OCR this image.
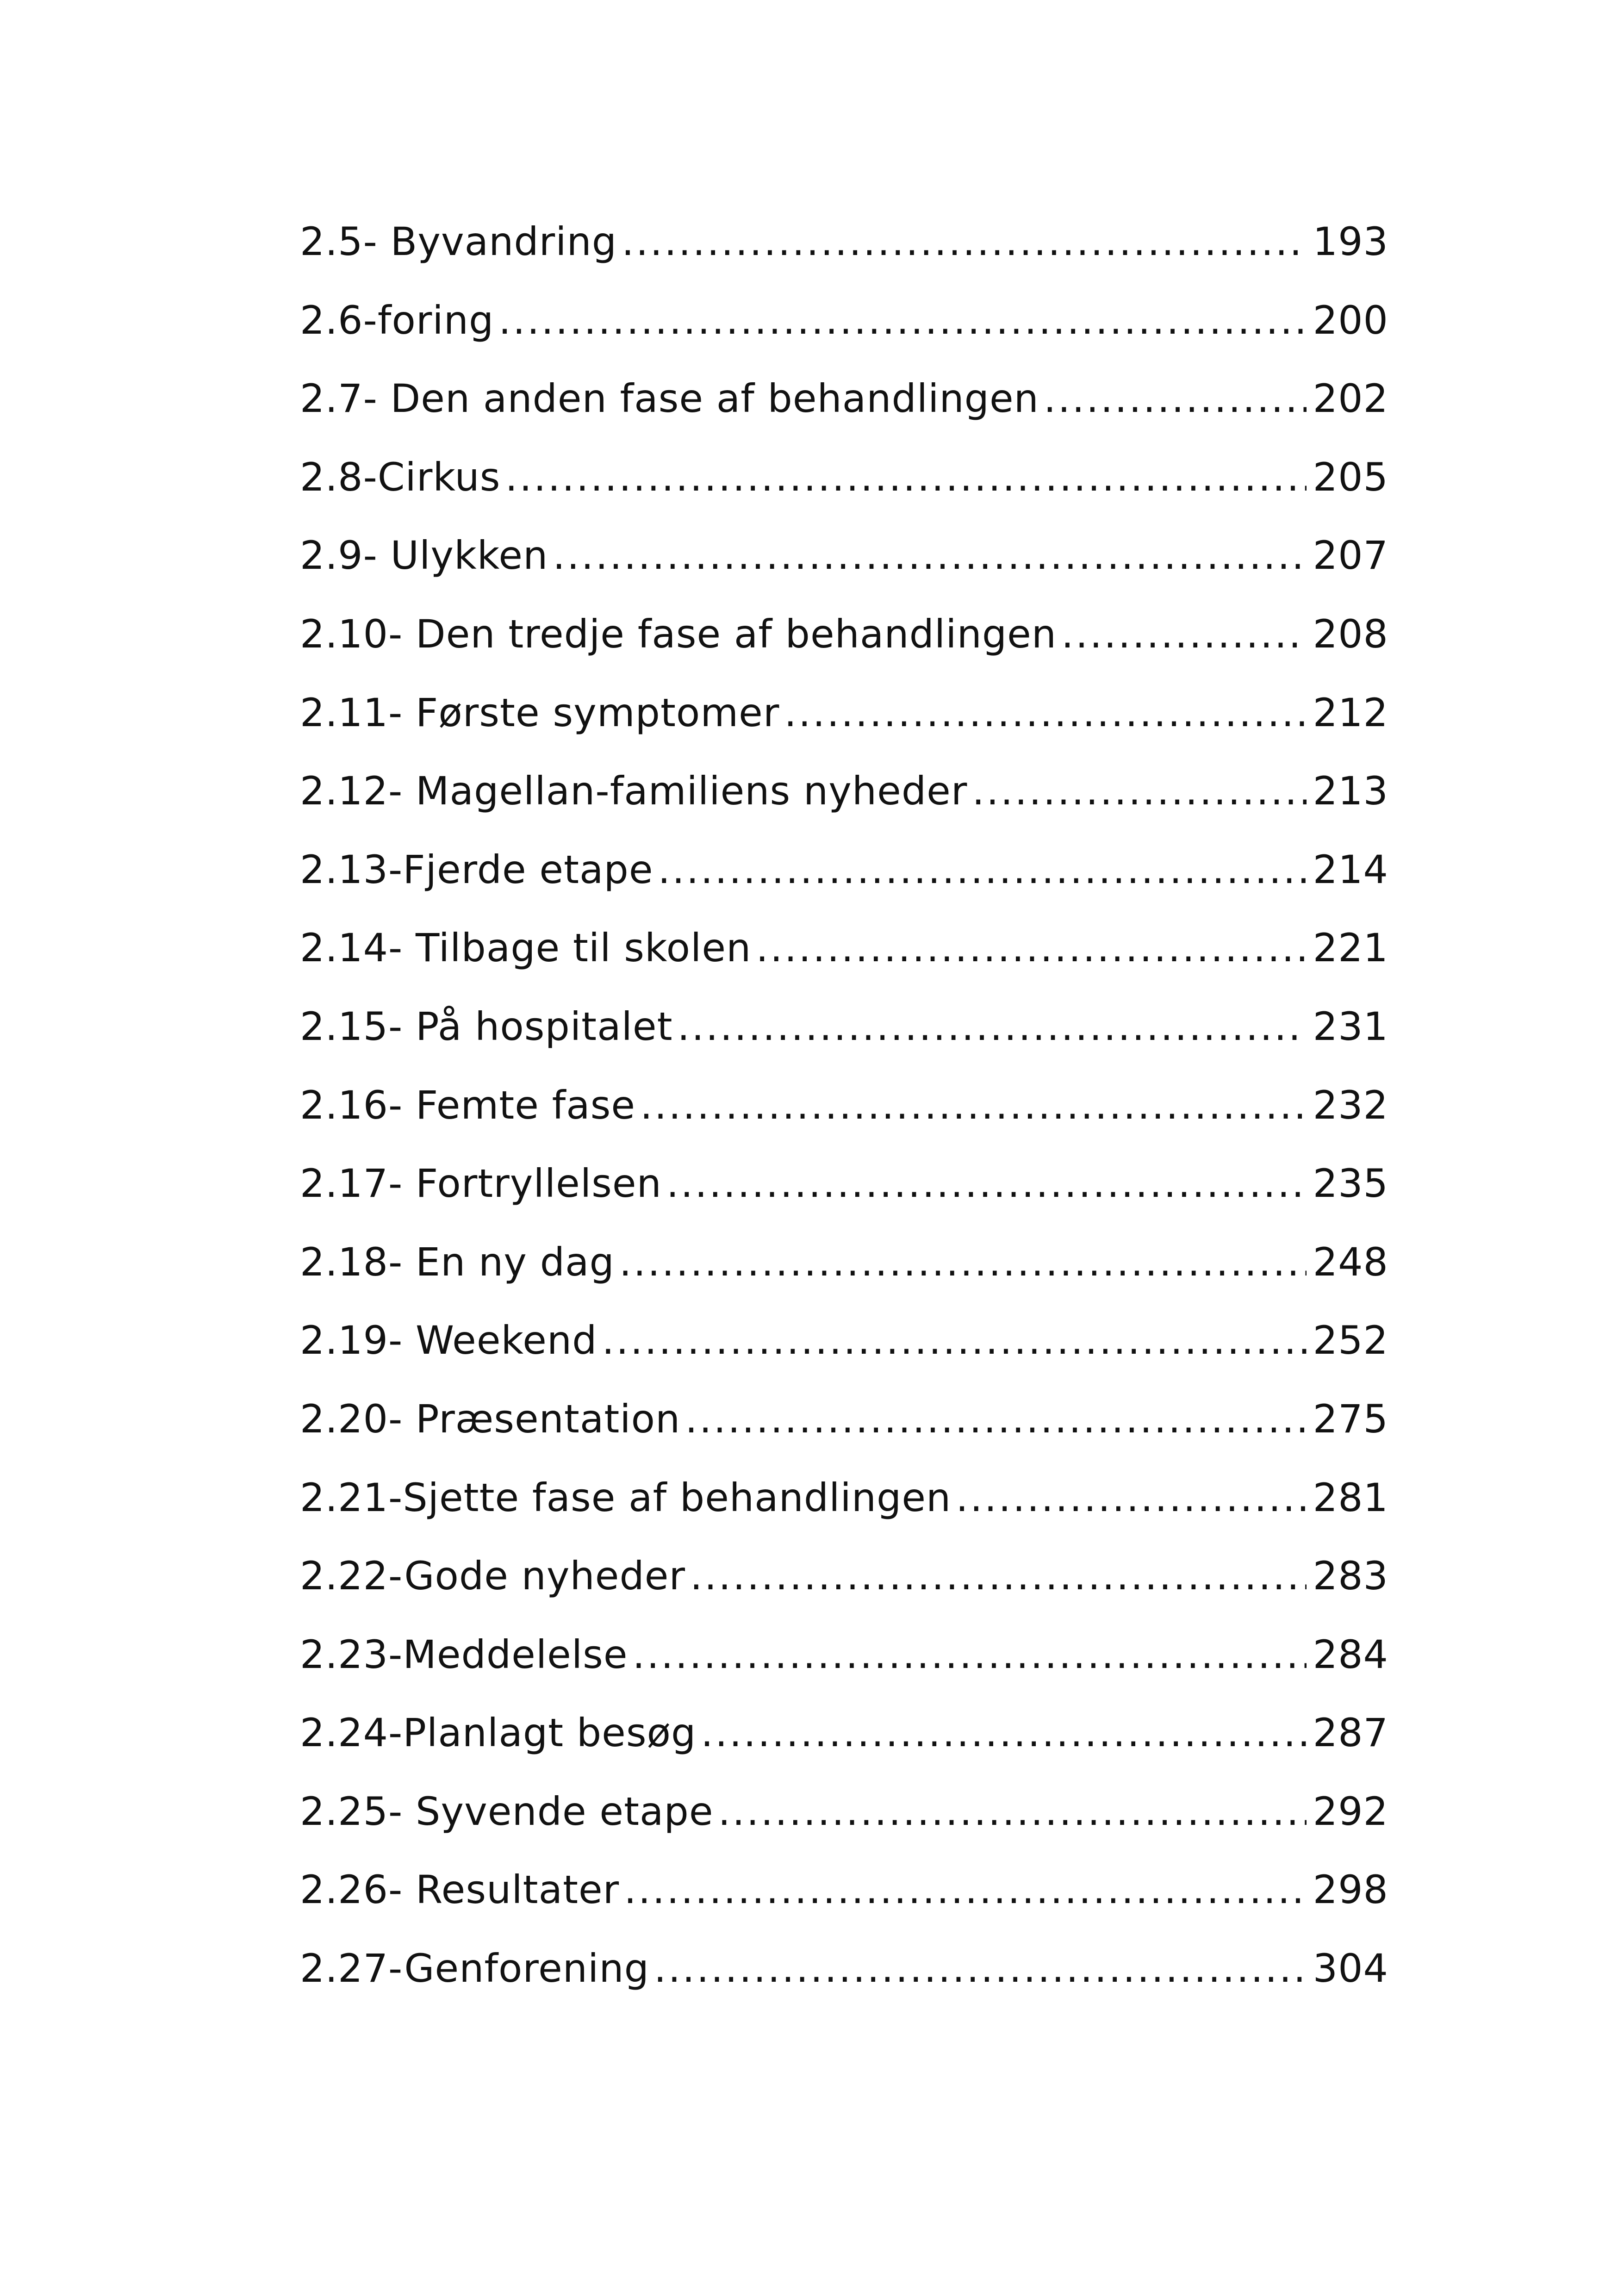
2.5- Byvandring .....	193
2.6-foring .....	200
2.7- Den anden fase af behandlingen .....	202
2.8-Cirkus .....	205
2.9- Ulykken .....	207
2.10- Den tredje fase af behandlingen .....	208
2.11- Første symptomer .....	212
2.12- Magellan-familiens nyheder .....	213
2.13-Fjerde etape .....	214
2.14- Tilbage til skolen .....	221
2.15- På hospitalet .....	231
2.16- Femte fase .....	232
2.17- Fortryllelsen .....	235
2.18- En ny dag .....	248
2.19- Weekend .....	252
2.20- Præsentation .....	275
2.21-Sjette fase af behandlingen .....	281
2.22-Gode nyheder .....	283
2.23-Meddelelse .....	284
2.24-Planlagt besøg .....	287
2.25- Syvende etape .....	292
2.26- Resultater .....	298
2.27-Genforening .....	304
